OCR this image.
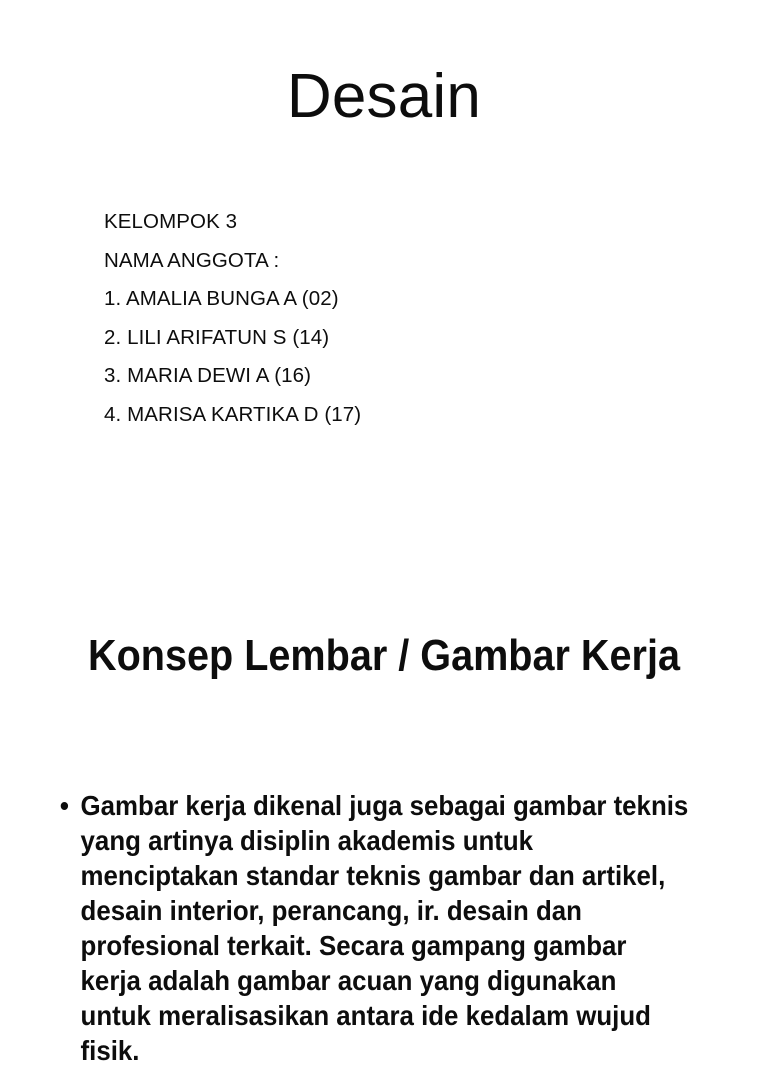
Desain
KELOMPOK 3
NAMA ANGGOTA :
1. AMALIA BUNGA A (02)
2. LILI ARIFATUN S (14)
3. MARIA DEWI A (16)
4. MARISA KARTIKA D (17)
Konsep Lembar / Gambar Kerja
• Gambar kerja dikenal juga sebagai gambar teknis yang artinya disiplin akademis untuk menciptakan standar teknis gambar dan artikel, desain interior, perancang, ir. desain dan profesional terkait. Secara gampang gambar kerja adalah gambar acuan yang digunakan untuk meralisasikan antara ide kedalam wujud fisik.
